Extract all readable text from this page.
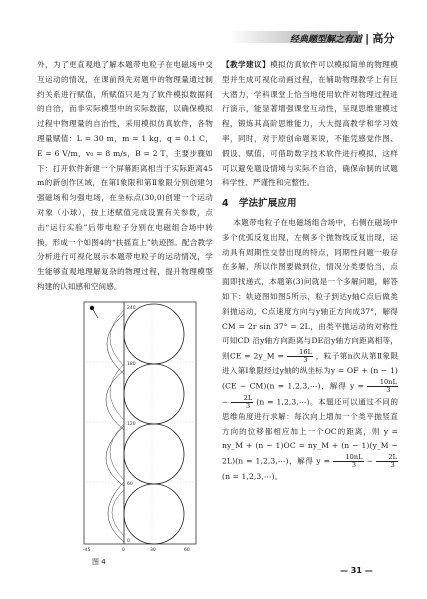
经典题型解之有道 | 高分

外，为了更直观地了解本题带电粒子在电磁场中交互运动的情况，在课前预先对题中的物理量通过制约关系进行赋值，所赋值只是为了软件模拟数据间的自洽，而非实际模型中的实际数据，以确保模拟过程中物理量的自治性，采用模拟仿真软件，各物理量赋值：L = 30 m，m = 1 kg，q = 0.1 C，E = 6 V/m，v₀ = 8 m/s，B = 2 T，主要步骤如下：打开软件新建一个屏幕距离相当于实际距离45 m的新创作区域，在第Ⅰ象限和第Ⅱ象限分别创建匀强磁场和匀强电场，在坐标点(30,0)创建一个运动对象（小球），按上述赋值完成设置有关参数，点击“运行实验”后带电粒子分别在电磁组合场中转换，形成一个如图4的“扶摇直上”轨迹图。配合教学分析进行可视化展示本题带电粒子的运动情况，学生能够直观地理解复杂的物理过程，提升物理模型构建的认知感和空间感。

【教学建议】模拟仿真软件可以模拟简单的物理模型并生成可视化动画过程，在辅助物理教学上有巨大潜力，学科课堂上恰当地使用软件对物理过程进行演示，能显著增强课堂互动性，呈现思维建模过程，锻炼其高阶思维能力，大大提高教学和学习效率，同时，对于原创命题来说，不能凭感觉作图、假设、赋值，可借助数字技术软件进行模拟，这样可以避免题设情境与实际不自洽，确保命制的试题科学性、严谨性和完整性。

4 学法扩展应用

本题带电粒子在电磁场组合场中，右侧在磁场中多个优弧反复出现，左侧多个抛物线反复出现，运动具有周期性交替出现的特点，同期性问题一般存在多解，所以作图要做到位，情况分类要恰当，点面即找递式，本题第(3)问就是一个多解问题，解答如下：轨迹图如图5所示，粒子到达y轴C点后做类斜抛运动，C点速度方向与y轴正方向成37°，解得CM = 2r sin 37° = 2L，由类平抛运动的对称性可知CD 沿y轴方向距离与DE沿y轴方向距离相等，则CE = 2y_M = $\frac{16L}{3}$ ，粒子第n次从第Ⅱ象限进入第Ⅰ象限经过y轴的纵坐标为y = OF + (n − 1)(CE − CM)(n = 1,2,3,⋯)，解得 $y = \frac{10nL}{3}$
− $\frac{2L}{3} (n$ = 1,2,3,⋯)。本题还可以通过不同的思维角度进行求解：每次向上增加一个类平抛竖直方向的位移都相应加上一个OC的距离，则 y = ny_M + (n − 1)OC = ny_M + (n − 1)(y_M − 2L)(n = 1,2,3,⋯)，解得 $y = \frac{10nL}{3} - \frac{2L}{3}$
(n = 1,2,3,⋯)。

240
180
120
60
0
-45	0	30	60
图 4
— 31 —
